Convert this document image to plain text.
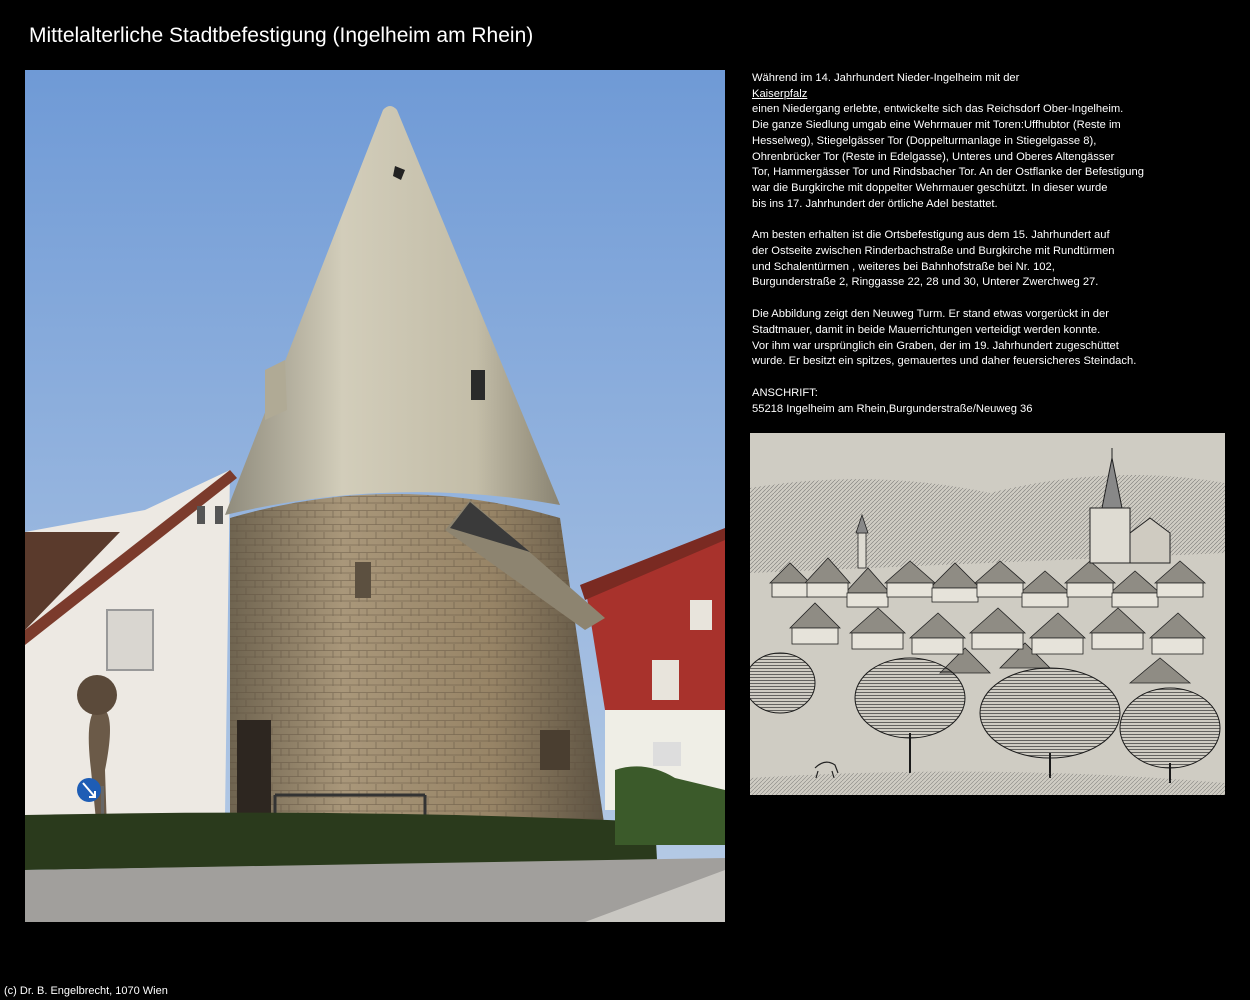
Mittelalterliche Stadtbefestigung (Ingelheim am Rhein)
Während im 14. Jahrhundert Nieder-Ingelheim mit der
Kaiserpfalz
einen Niedergang erlebte, entwickelte sich das Reichsdorf Ober-Ingelheim.
Die ganze Siedlung umgab eine Wehrmauer mit Toren:Uffhubtor (Reste im
Hesselweg), Stiegelgässer Tor (Doppelturmanlage in Stiegelgasse 8),
Ohrenbrücker Tor (Reste in Edelgasse), Unteres und Oberes Altengässer
Tor, Hammergässer Tor und Rindsbacher Tor. An der Ostflanke der Befestigung
war die Burgkirche mit doppelter Wehrmauer geschützt. In dieser wurde
bis ins 17. Jahrhundert der örtliche Adel bestattet.
Am besten erhalten ist die Ortsbefestigung aus dem 15. Jahrhundert auf
der Ostseite zwischen Rinderbachstraße und Burgkirche mit Rundtürmen
und Schalentürmen , weiteres bei Bahnhofstraße bei Nr. 102,
Burgunderstraße 2, Ringgasse 22, 28 und 30, Unterer Zwerchweg 27.
Die Abbildung zeigt den Neuweg Turm. Er stand etwas vorgerückt in der
Stadtmauer, damit in beide Mauerrichtungen verteidigt werden konnte.
Vor ihm war ursprünglich ein Graben, der im 19. Jahrhundert zugeschüttet
wurde. Er besitzt ein spitzes, gemauertes und daher feuersicheres Steindach.
ANSCHRIFT:
55218 Ingelheim am Rhein,Burgunderstraße/Neuweg 36
(c) Dr. B. Engelbrecht, 1070 Wien
